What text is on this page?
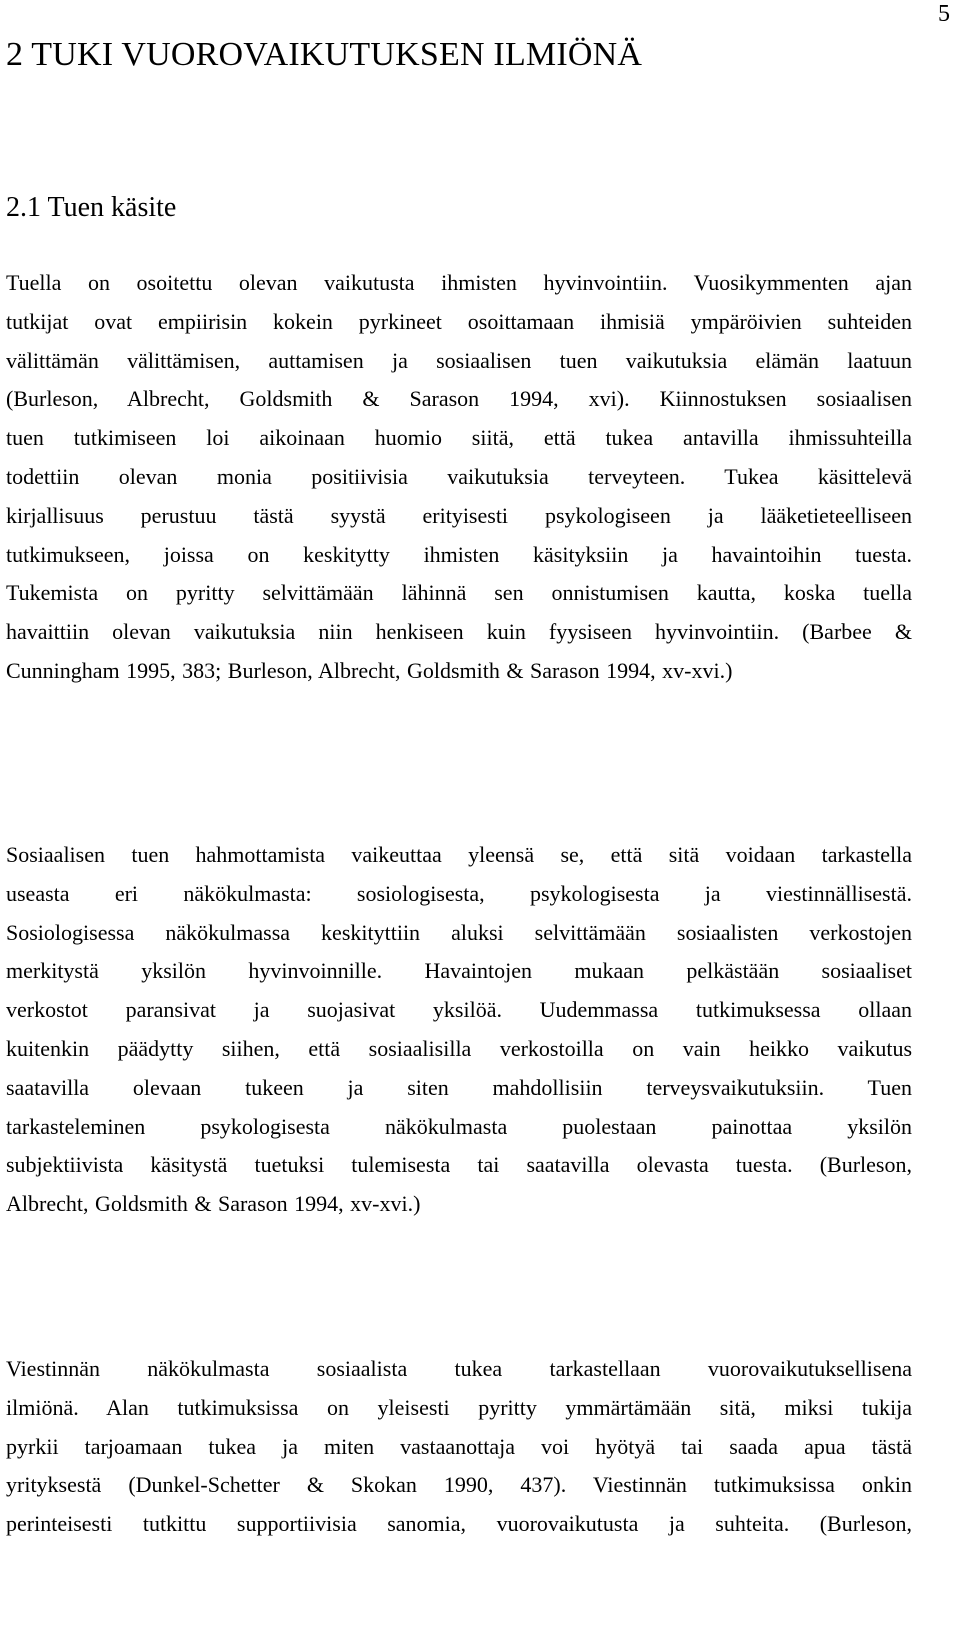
5
2 TUKI VUOROVAIKUTUKSEN ILMIÖNÄ
2.1 Tuen käsite
Tuella on osoitettu olevan vaikutusta ihmisten hyvinvointiin. Vuosikymmenten ajan
tutkijat ovat empiirisin kokein pyrkineet osoittamaan ihmisiä ympäröivien suhteiden
välittämän välittämisen, auttamisen ja sosiaalisen tuen vaikutuksia elämän laatuun
(Burleson, Albrecht, Goldsmith & Sarason 1994, xvi). Kiinnostuksen sosiaalisen
tuen tutkimiseen loi aikoinaan huomio siitä, että tukea antavilla ihmissuhteilla
todettiin olevan monia positiivisia vaikutuksia terveyteen. Tukea käsittelevä
kirjallisuus perustuu tästä syystä erityisesti psykologiseen ja lääketieteelliseen
tutkimukseen, joissa on keskitytty ihmisten käsityksiin ja havaintoihin tuesta.
Tukemista on pyritty selvittämään lähinnä sen onnistumisen kautta, koska tuella
havaittiin olevan vaikutuksia niin henkiseen kuin fyysiseen hyvinvointiin. (Barbee &
Cunningham 1995, 383; Burleson, Albrecht, Goldsmith & Sarason 1994, xv-xvi.)
Sosiaalisen tuen hahmottamista vaikeuttaa yleensä se, että sitä voidaan tarkastella
useasta eri näkökulmasta: sosiologisesta, psykologisesta ja viestinnällisestä.
Sosiologisessa näkökulmassa keskityttiin aluksi selvittämään sosiaalisten verkostojen
merkitystä yksilön hyvinvoinnille. Havaintojen mukaan pelkästään sosiaaliset
verkostot paransivat ja suojasivat yksilöä. Uudemmassa tutkimuksessa ollaan
kuitenkin päädytty siihen, että sosiaalisilla verkostoilla on vain heikko vaikutus
saatavilla olevaan tukeen ja siten mahdollisiin terveysvaikutuksiin. Tuen
tarkasteleminen psykologisesta näkökulmasta puolestaan painottaa yksilön
subjektiivista käsitystä tuetuksi tulemisesta tai saatavilla olevasta tuesta. (Burleson,
Albrecht, Goldsmith & Sarason 1994, xv-xvi.)
Viestinnän näkökulmasta sosiaalista tukea tarkastellaan vuorovaikutuksellisena
ilmiönä. Alan tutkimuksissa on yleisesti pyritty ymmärtämään sitä, miksi tukija
pyrkii tarjoamaan tukea ja miten vastaanottaja voi hyötyä tai saada apua tästä
yrityksestä (Dunkel-Schetter & Skokan 1990, 437). Viestinnän tutkimuksissa onkin
perinteisesti tutkittu supportiivisia sanomia, vuorovaikutusta ja suhteita. (Burleson,
